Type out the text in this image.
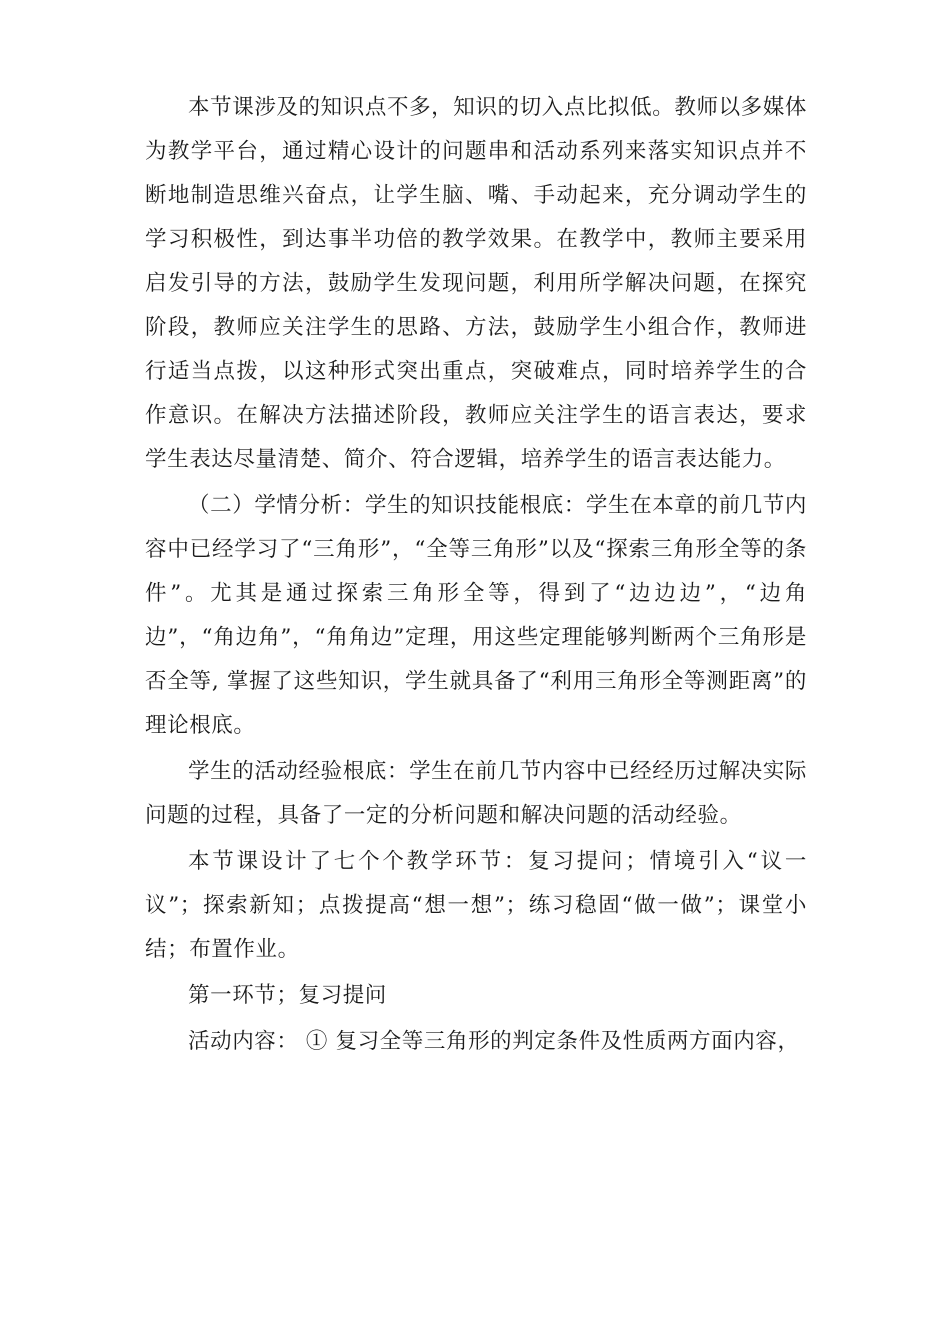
本节课涉及的知识点不多，知识的切入点比拟低。教师以多媒体为教学平台，通过精心设计的问题串和活动系列来落实知识点并不断地制造思维兴奋点，让学生脑、嘴、手动起来，充分调动学生的学习积极性，到达事半功倍的教学效果。在教学中，教师主要采用启发引导的方法，鼓励学生发现问题，利用所学解决问题，在探究阶段，教师应关注学生的思路、方法，鼓励学生小组合作，教师进行适当点拨，以这种形式突出重点，突破难点，同时培养学生的合作意识。在解决方法描述阶段，教师应关注学生的语言表达，要求学生表达尽量清楚、简介、符合逻辑，培养学生的语言表达能力。

（二）学情分析：学生的知识技能根底：学生在本章的前几节内容中已经学习了“三角形”，“全等三角形”以及“探索三角形全等的条件”。尤其是通过探索三角形全等，得到了“边边边”，“边角边”，“角边角”，“角角边”定理，用这些定理能够判断两个三角形是否全等, 掌握了这些知识，学生就具备了“利用三角形全等测距离”的理论根底。

学生的活动经验根底：学生在前几节内容中已经经历过解决实际问题的过程，具备了一定的分析问题和解决问题的活动经验。

本节课设计了七个个教学环节：复习提问；情境引入“议一议”；探索新知；点拨提高“想一想”；练习稳固“做一做”；课堂小结；布置作业。

第一环节；复习提问

活动内容： ① 复习全等三角形的判定条件及性质两方面内容，
